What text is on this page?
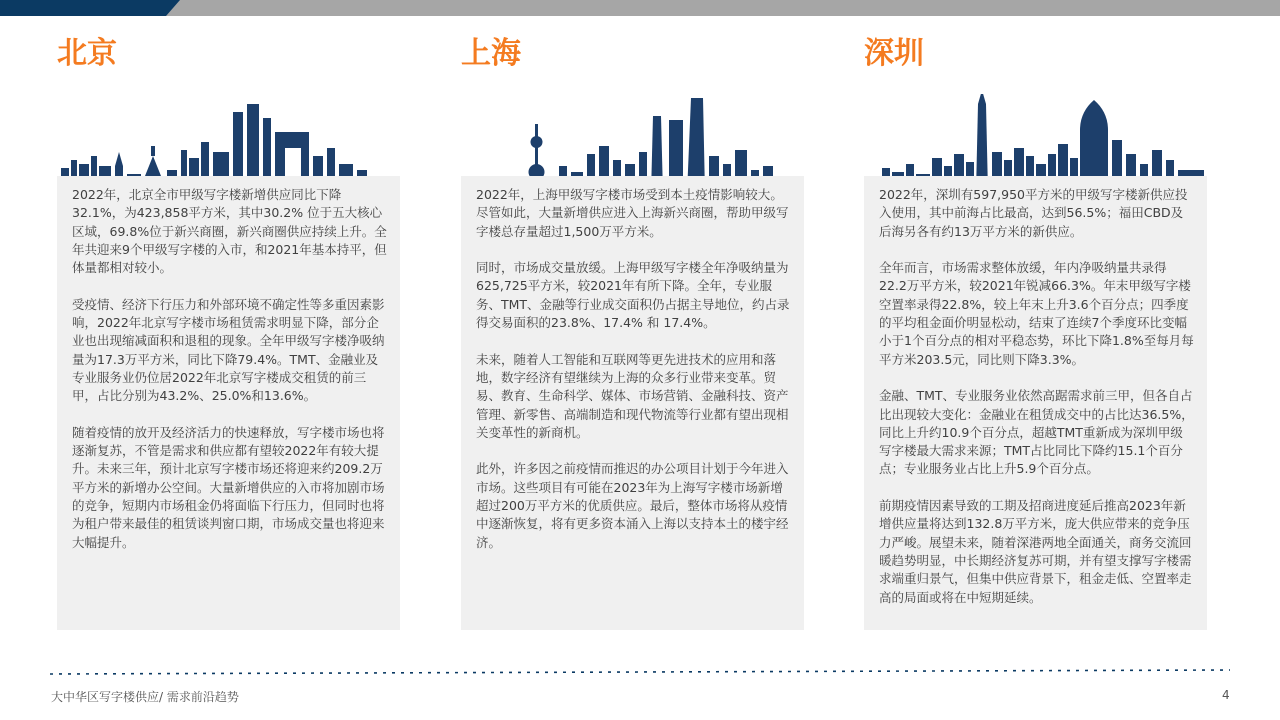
北京

2022年，北京全市甲级写字楼新增供应同比下降32.1%，为423,858平方米，其中30.2% 位于五大核心区域，69.8%位于新兴商圈，新兴商圈供应持续上升。全年共迎来9个甲级写字楼的入市，和2021年基本持平，但体量都相对较小。

受疫情、经济下行压力和外部环境不确定性等多重因素影响，2022年北京写字楼市场租赁需求明显下降，部分企业也出现缩减面积和退租的现象。全年甲级写字楼净吸纳量为17.3万平方米，同比下降79.4%。TMT、金融业及专业服务业仍位居2022年北京写字楼成交租赁的前三甲，占比分别为43.2%、25.0%和13.6%。

随着疫情的放开及经济活力的快速释放，写字楼市场也将逐渐复苏，不管是需求和供应都有望较2022年有较大提升。未来三年，预计北京写字楼市场还将迎来约209.2万平方米的新增办公空间。大量新增供应的入市将加剧市场的竞争，短期内市场租金仍将面临下行压力，但同时也将为租户带来最佳的租赁谈判窗口期，市场成交量也将迎来大幅提升。

上海

2022年，上海甲级写字楼市场受到本土疫情影响较大。尽管如此，大量新增供应进入上海新兴商圈，帮助甲级写字楼总存量超过1,500万平方米。

同时，市场成交量放缓。上海甲级写字楼全年净吸纳量为625,725平方米，较2021年有所下降。全年，专业服务、TMT、金融等行业成交面积仍占据主导地位，约占录得交易面积的23.8%、17.4% 和 17.4%。

未来，随着人工智能和互联网等更先进技术的应用和落地，数字经济有望继续为上海的众多行业带来变革。贸易、教育、生命科学、媒体、市场营销、金融科技、资产管理、新零售、高端制造和现代物流等行业都有望出现相关变革性的新商机。

此外，许多因之前疫情而推迟的办公项目计划于今年进入市场。这些项目有可能在2023年为上海写字楼市场新增超过200万平方米的优质供应。最后，整体市场将从疫情中逐渐恢复，将有更多资本涌入上海以支持本土的楼宇经济。

深圳

2022年，深圳有597,950平方米的甲级写字楼新供应投入使用，其中前海占比最高，达到56.5%；福田CBD及后海另各有约13万平方米的新供应。

全年而言，市场需求整体放缓，年内净吸纳量共录得22.2万平方米，较2021年锐减66.3%。年末甲级写字楼空置率录得22.8%，较上年末上升3.6个百分点；四季度的平均租金面价明显松动，结束了连续7个季度环比变幅小于1个百分点的相对平稳态势，环比下降1.8%至每月每平方米203.5元，同比则下降3.3%。

金融、TMT、专业服务业依然高踞需求前三甲，但各自占比出现较大变化：金融业在租赁成交中的占比达36.5%，同比上升约10.9个百分点，超越TMT重新成为深圳甲级写字楼最大需求来源；TMT占比同比下降约15.1个百分点；专业服务业占比上升5.9个百分点。

前期疫情因素导致的工期及招商进度延后推高2023年新增供应量将达到132.8万平方米，庞大供应带来的竞争压力严峻。展望未来，随着深港两地全面通关，商务交流回暖趋势明显，中长期经济复苏可期，并有望支撑写字楼需求端重归景气，但集中供应背景下，租金走低、空置率走高的局面或将在中短期延续。

大中华区写字楼供应/ 需求前沿趋势	4
